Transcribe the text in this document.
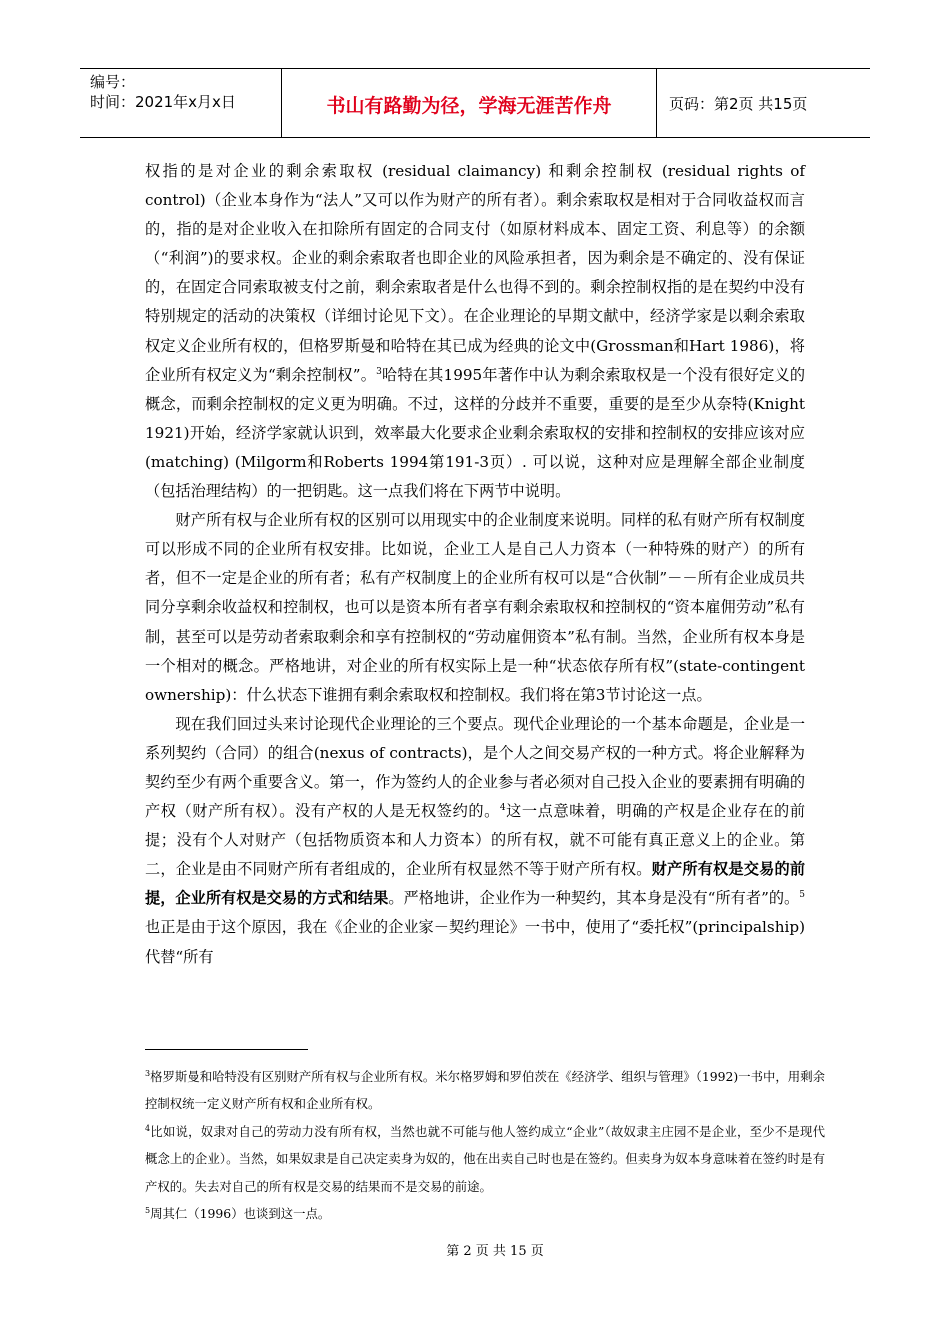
编号：
时间：2021年x月x日	书山有路勤为径，学海无涯苦作舟	页码：第2页 共15页

权指的是对企业的剩余索取权 (residual claimancy) 和剩余控制权 (residual rights of control)（企业本身作为“法人”又可以作为财产的所有者）。剩余索取权是相对于合同收益权而言的，指的是对企业收入在扣除所有固定的合同支付（如原材料成本、固定工资、利息等）的余额（“利润”)的要求权。企业的剩余索取者也即企业的风险承担者，因为剩余是不确定的、没有保证的，在固定合同索取被支付之前，剩余索取者是什么也得不到的。剩余控制权指的是在契约中没有特别规定的活动的决策权（详细讨论见下文）。在企业理论的早期文献中，经济学家是以剩余索取权定义企业所有权的，但格罗斯曼和哈特在其已成为经典的论文中(Grossman和Hart 1986)，将企业所有权定义为“剩余控制权”。$^3$哈特在其1995年著作中认为剩余索取权是一个没有很好定义的概念，而剩余控制权的定义更为明确。不过，这样的分歧并不重要，重要的是至少从奈特(Knight 1921)开始，经济学家就认识到，效率最大化要求企业剩余索取权的安排和控制权的安排应该对应(matching) (Milgorm和Roberts 1994第191-3页）. 可以说，这种对应是理解全部企业制度（包括治理结构）的一把钥匙。这一点我们将在下两节中说明。

财产所有权与企业所有权的区别可以用现实中的企业制度来说明。同样的私有财产所有权制度可以形成不同的企业所有权安排。比如说，企业工人是自己人力资本（一种特殊的财产）的所有者，但不一定是企业的所有者；私有产权制度上的企业所有权可以是“合伙制”－－所有企业成员共同分享剩余收益权和控制权，也可以是资本所有者享有剩余索取权和控制权的“资本雇佣劳动”私有制，甚至可以是劳动者索取剩余和享有控制权的“劳动雇佣资本”私有制。当然，企业所有权本身是一个相对的概念。严格地讲，对企业的所有权实际上是一种“状态依存所有权”(state-contingent ownership)：什么状态下谁拥有剩余索取权和控制权。我们将在第3节讨论这一点。

现在我们回过头来讨论现代企业理论的三个要点。现代企业理论的一个基本命题是，企业是一系列契约（合同）的组合(nexus of contracts)，是个人之间交易产权的一种方式。将企业解释为契约至少有两个重要含义。第一，作为签约人的企业参与者必须对自己投入企业的要素拥有明确的产权（财产所有权）。没有产权的人是无权签约的。$^4$这一点意味着，明确的产权是企业存在的前提；没有个人对财产（包括物质资本和人力资本）的所有权，就不可能有真正意义上的企业。第二，企业是由不同财产所有者组成的，企业所有权显然不等于财产所有权。财产所有权是交易的前提，企业所有权是交易的方式和结果。严格地讲，企业作为一种契约，其本身是没有“所有者”的。$^5$也正是由于这个原因，我在《企业的企业家－契约理论》一书中，使用了“委托权”(principalship)代替“所有

$^3$格罗斯曼和哈特没有区别财产所有权与企业所有权。米尔格罗姆和罗伯茨在《经济学、组织与管理》（1992)一书中，用剩余控制权统一定义财产所有权和企业所有权。

$^4$比如说，奴隶对自己的劳动力没有所有权，当然也就不可能与他人签约成立“企业”（故奴隶主庄园不是企业，至少不是现代概念上的企业）。当然，如果奴隶是自己决定卖身为奴的，他在出卖自己时也是在签约。但卖身为奴本身意味着在签约时是有产权的。失去对自己的所有权是交易的结果而不是交易的前途。

$^5$周其仁（1996）也谈到这一点。

第 2 页 共 15 页
